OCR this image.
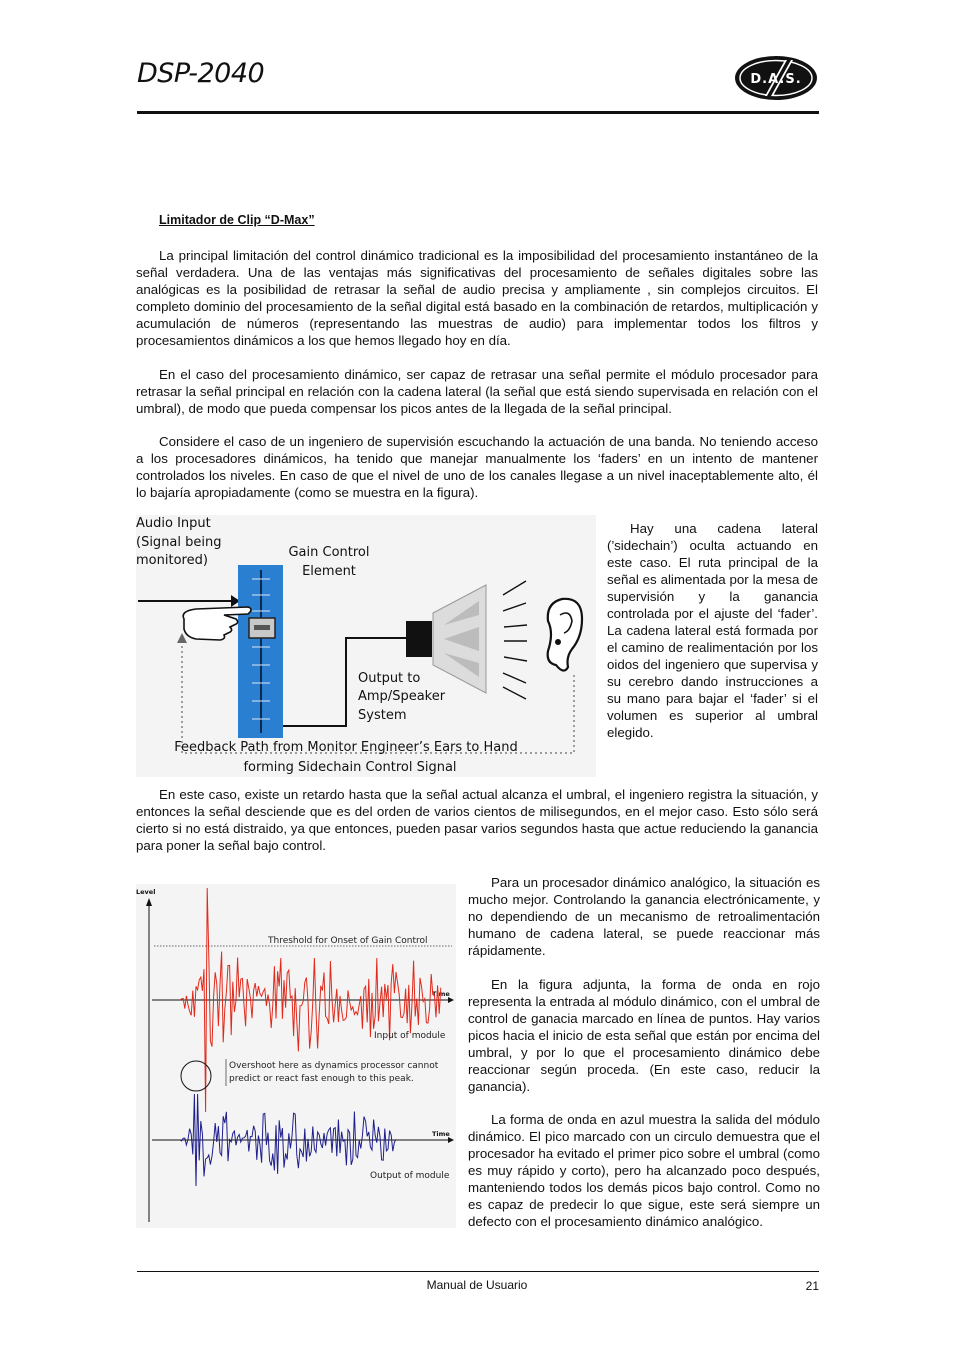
DSP-2040	D.A.S.
Limitador de Clip “D-Max”

La principal limitación del control dinámico tradicional es la imposibilidad del procesamiento instantáneo de la señal verdadera. Una de las ventajas más significativas del procesamiento de señales digitales sobre las analógicas es la posibilidad de retrasar la señal de audio precisa y ampliamente , sin complejos circuitos. El completo dominio del procesamiento de la señal digital está basado en la combinación de retardos, multiplicación y acumulación de números (representando las muestras de audio) para implementar todos los filtros y procesamientos dinámicos a los que hemos llegado hoy en día.

En el caso del procesamiento dinámico, ser capaz de retrasar una señal permite el módulo procesador para retrasar la señal principal en relación con la cadena lateral (la señal que está siendo supervisada en relación con el umbral), de modo que pueda compensar los picos antes de la llegada de la señal principal.

Considere el caso de un ingeniero de supervisión escuchando la actuación de una banda. No teniendo acceso a los procesadores dinámicos, ha tenido que manejar manualmente los ‘faders’ en un intento de mantener controlados los niveles. En caso de que el nivel de uno de los canales llegase a un nivel inaceptablemente alto, él lo bajaría apropiadamente (como se muestra en la figura).

Audio Input
(Signal being
monitored)
Gain Control
Element
Output to
Amp/Speaker
System
Feedback Path from Monitor Engineer’s Ears to Hand
forming Sidechain Control Signal

Hay una cadena lateral (’sidechain’) oculta actuando en este caso. El ruta principal de la señal es alimentada por la mesa de supervisión y la ganancia controlada por el ajuste del ‘fader’. La cadena lateral está formada por el camino de realimentación por los oidos del ingeniero que supervisa y su cerebro dando instrucciones a su mano para bajar el ‘fader’ si el volumen es superior al umbral elegido.

En este caso, existe un retardo hasta que la señal actual alcanza el umbral, el ingeniero registra la situación, y entonces la señal desciende que es del orden de varios cientos de milisegundos, en el mejor caso. Esto sólo será cierto si no está distraido, ya que entonces, pueden pasar varios segundos hasta que actue reduciendo la ganancia para poner la señal bajo control.

Level
Threshold for Onset of Gain Control
Time
Input of module
Overshoot here as dynamics processor cannot
predict or react fast enough to this peak.
Time
Output of module

Para un procesador dinámico analógico, la situación es mucho mejor. Controlando la ganancia electrónicamente, y no dependiendo de un mecanismo de retroalimentación humano de cadena lateral, se puede reaccionar más rápidamente.

En la figura adjunta, la forma de onda en rojo representa la entrada al módulo dinámico, con el umbral de control de ganacia marcado en línea de puntos. Hay varios picos hacia el inicio de esta señal que están por encima del umbral, y por lo que el procesamiento dinámico debe reaccionar según proceda. (En este caso, reducir la ganancia).

La forma de onda en azul muestra la salida del módulo dinámico. El pico marcado con un circulo demuestra que el procesador ha evitado el primer pico sobre el umbral (como es muy rápido y corto), pero ha alcanzado poco después, manteniendo todos los demás picos bajo control. Como no es capaz de predecir lo que sigue, este será siempre un defecto con el procesamiento dinámico analógico.

Manual de Usuario	21
